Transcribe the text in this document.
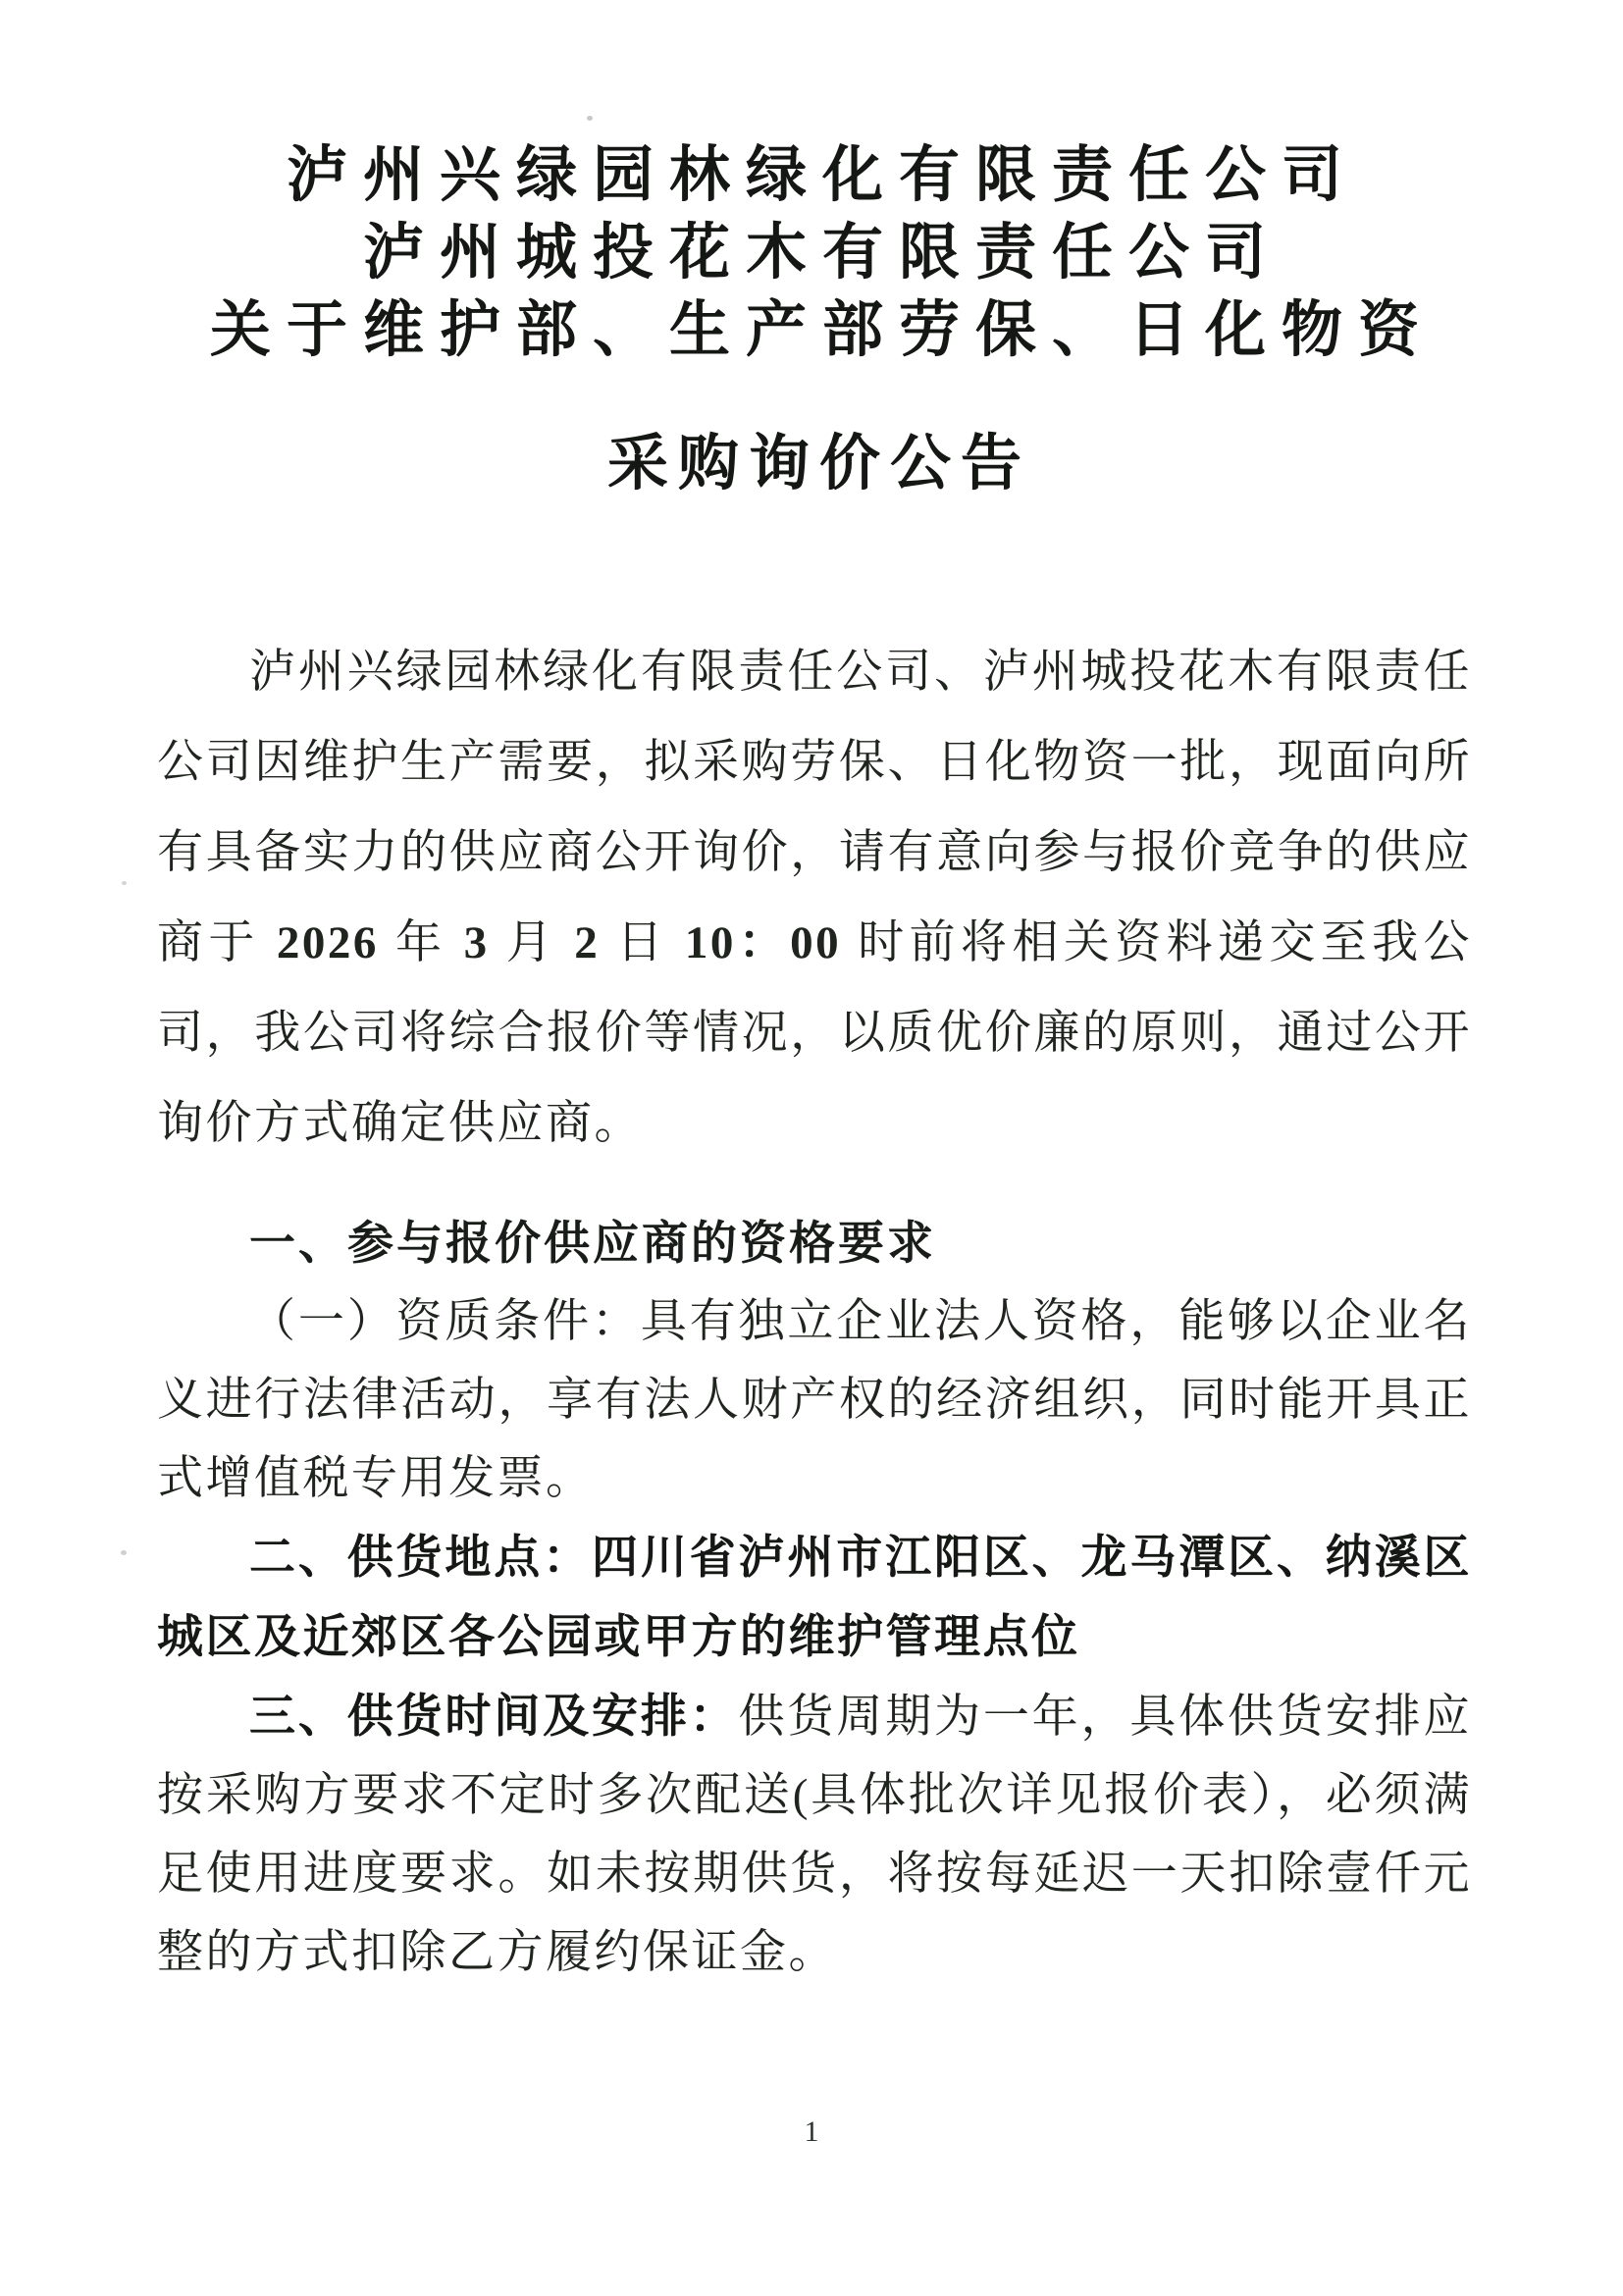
泸州兴绿园林绿化有限责任公司
泸州城投花木有限责任公司
关于维护部、生产部劳保、日化物资
采购询价公告

泸州兴绿园林绿化有限责任公司、泸州城投花木有限责任公司因维护生产需要，拟采购劳保、日化物资一批，现面向所有具备实力的供应商公开询价，请有意向参与报价竞争的供应商于 2026 年 3 月 2 日 10：00 时前将相关资料递交至我公司，我公司将综合报价等情况，以质优价廉的原则，通过公开询价方式确定供应商。

一、参与报价供应商的资格要求

（一）资质条件：具有独立企业法人资格，能够以企业名义进行法律活动，享有法人财产权的经济组织，同时能开具正式增值税专用发票。

二、供货地点：四川省泸州市江阳区、龙马潭区、纳溪区城区及近郊区各公园或甲方的维护管理点位

三、供货时间及安排：供货周期为一年，具体供货安排应按采购方要求不定时多次配送(具体批次详见报价表），必须满足使用进度要求。如未按期供货，将按每延迟一天扣除壹仟元整的方式扣除乙方履约保证金。

1
